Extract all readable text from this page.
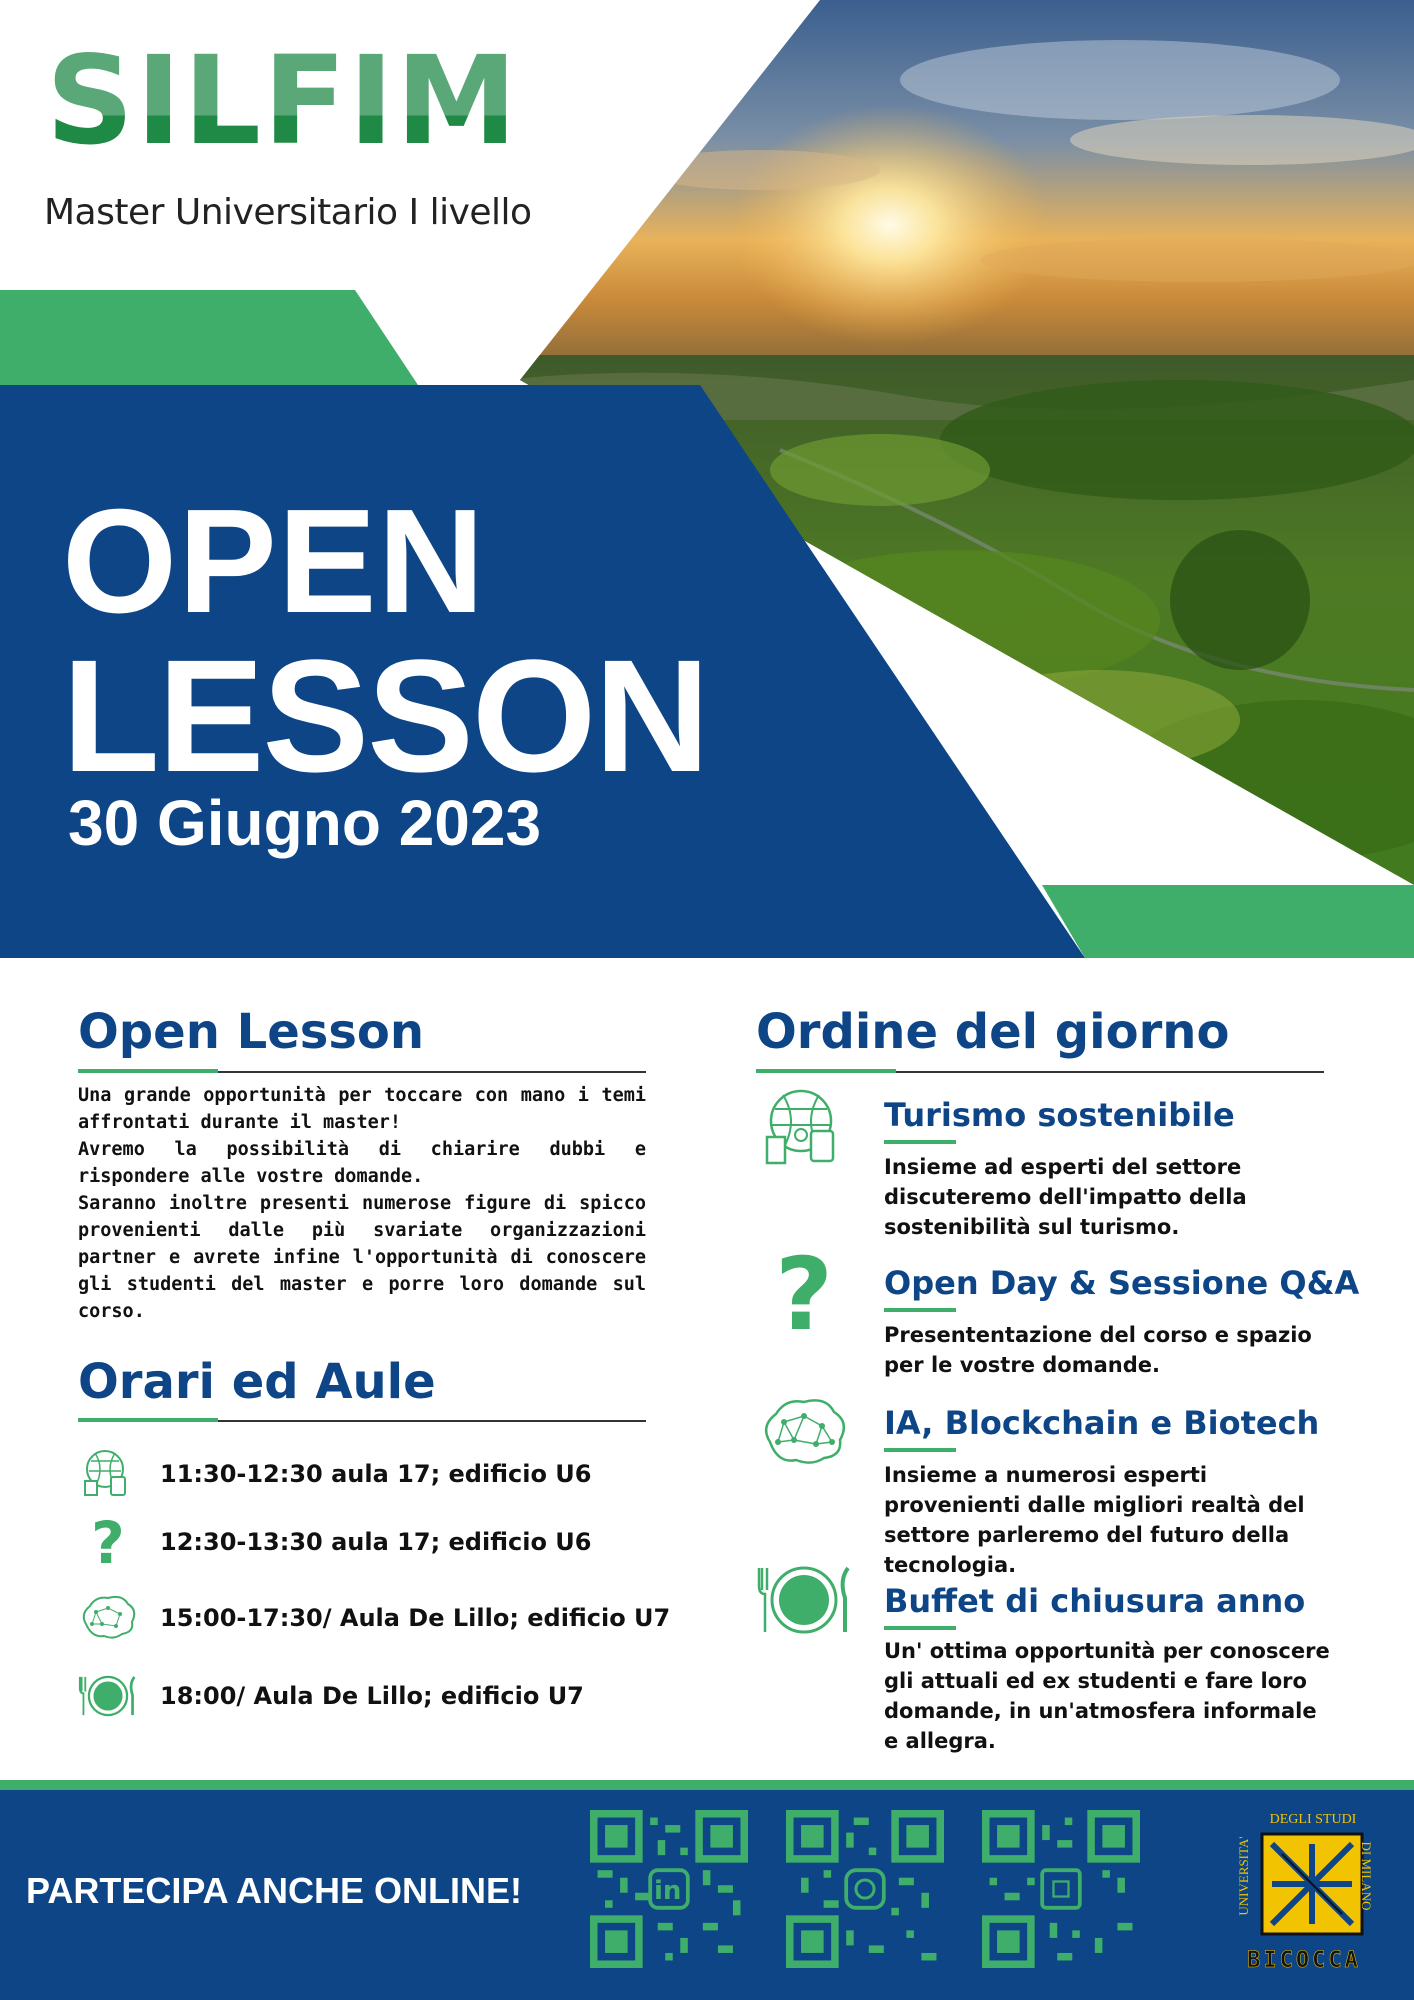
SILFIM
Master Universitario I livello
OPEN
LESSON
30 Giugno 2023
Open Lesson
Una grande opportunità per toccare con mano i temi affrontati durante il master!
Avremo la possibilità di chiarire dubbi e rispondere alle vostre domande.
Saranno inoltre presenti numerose figure di spicco provenienti dalle più svariate organizzazioni partner e avrete infine l'opportunità di conoscere gli studenti del master e porre loro domande sul corso.
Orari ed Aule
11:30-12:30 aula 17; edificio U6
? 12:30-13:30 aula 17; edificio U6
15:00-17:30/ Aula De Lillo; edificio U7
18:00/ Aula De Lillo; edificio U7
Ordine del giorno
Turismo sostenibile
Insieme ad esperti del settore discuteremo dell'impatto della sostenibilità sul turismo.
? Open Day & Sessione Q&A
Presententazione del corso e spazio per le vostre domande.
IA, Blockchain e Biotech
Insieme a numerosi esperti provenienti dalle migliori realtà del settore parleremo del futuro della tecnologia.
Buffet di chiusura anno
Un' ottima opportunità per conoscere gli attuali ed ex studenti e fare loro domande, in un'atmosfera informale e allegra.
PARTECIPA ANCHE ONLINE!	in	UNIVERSITA'
DEGLI STUDI
DI MILANO
BICOCCA
